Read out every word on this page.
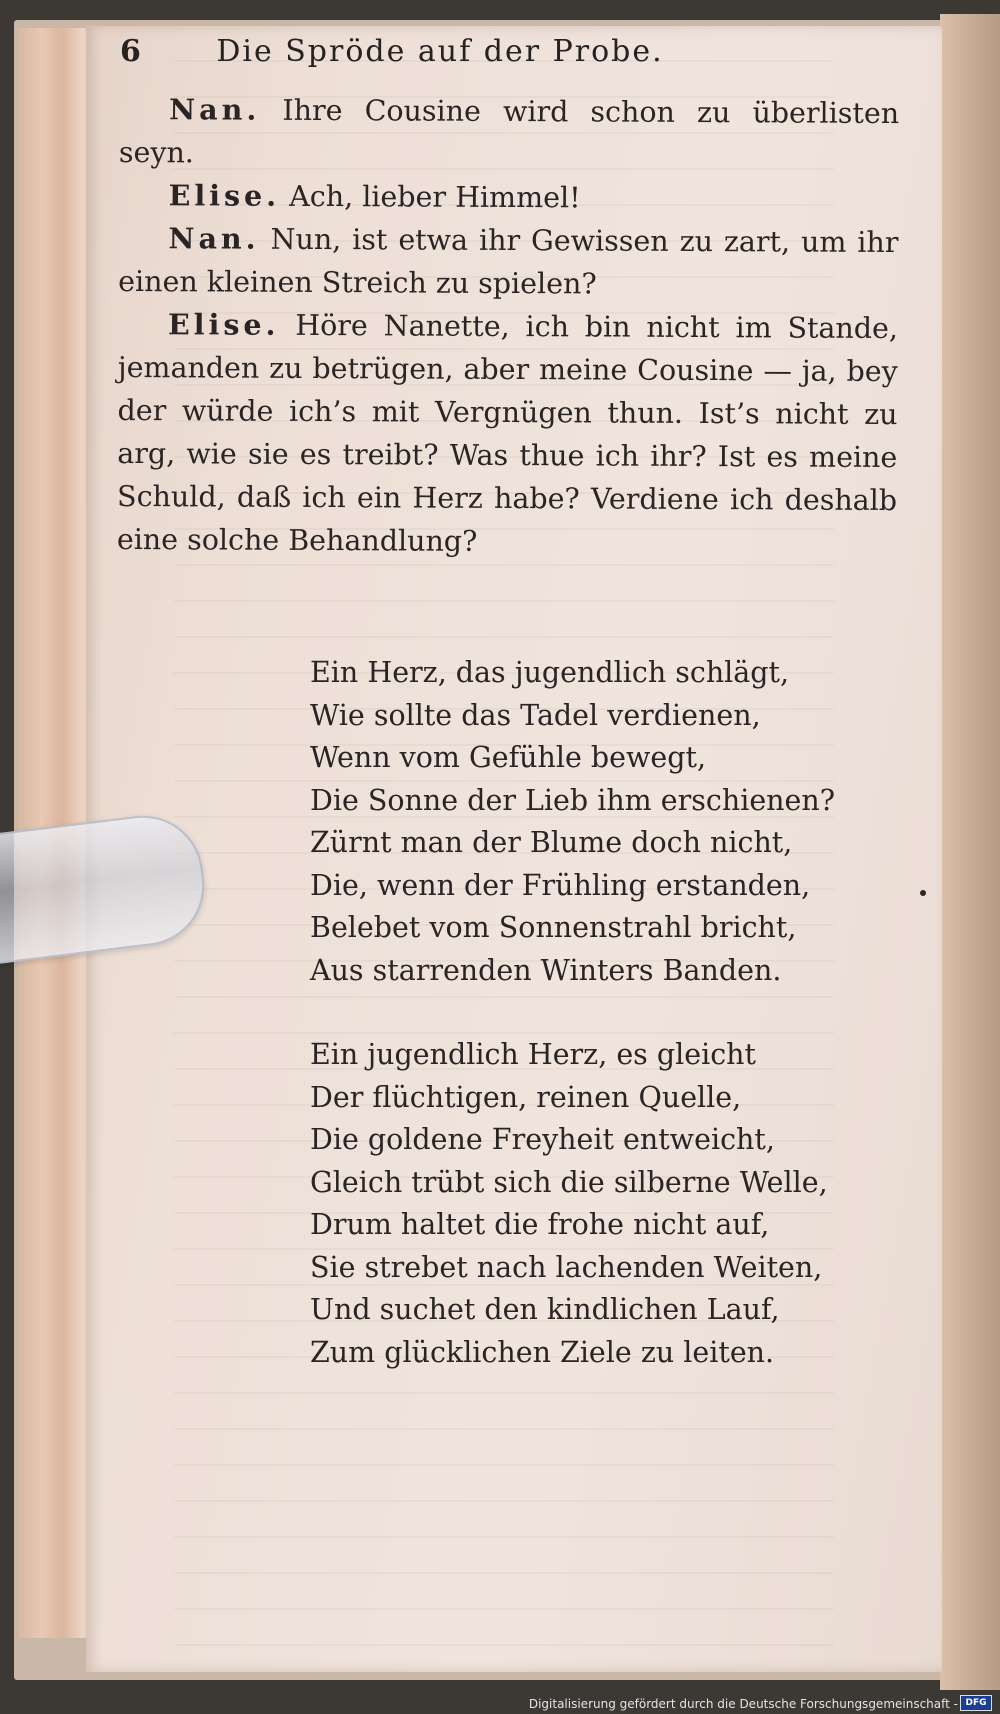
6	Die Spröde auf der Probe.

Nan. Ihre Cousine wird schon zu überlisten seyn.

Elise. Ach, lieber Himmel!

Nan. Nun, ist etwa ihr Gewissen zu zart, um ihr einen kleinen Streich zu spielen?

Elise. Höre Nanette, ich bin nicht im Stande, jemanden zu betrügen, aber meine Cousine — ja, bey der würde ich’s mit Vergnügen thun. Ist’s nicht zu arg, wie sie es treibt? Was thue ich ihr? Ist es meine Schuld, daß ich ein Herz habe? Verdiene ich deshalb eine solche Behandlung?

Ein Herz, das jugendlich schlägt,
Wie sollte das Tadel verdienen,
Wenn vom Gefühle bewegt,
Die Sonne der Lieb ihm erschienen?
Zürnt man der Blume doch nicht,
Die, wenn der Frühling erstanden,
Belebet vom Sonnenstrahl bricht,
Aus starrenden Winters Banden.
Ein jugendlich Herz, es gleicht
Der flüchtigen, reinen Quelle,
Die goldene Freyheit entweicht,
Gleich trübt sich die silberne Welle,
Drum haltet die frohe nicht auf,
Sie strebet nach lachenden Weiten,
Und suchet den kindlichen Lauf,
Zum glücklichen Ziele zu leiten.
Digitalisierung gefördert durch die Deutsche Forschungsgemeinschaft - DFG
